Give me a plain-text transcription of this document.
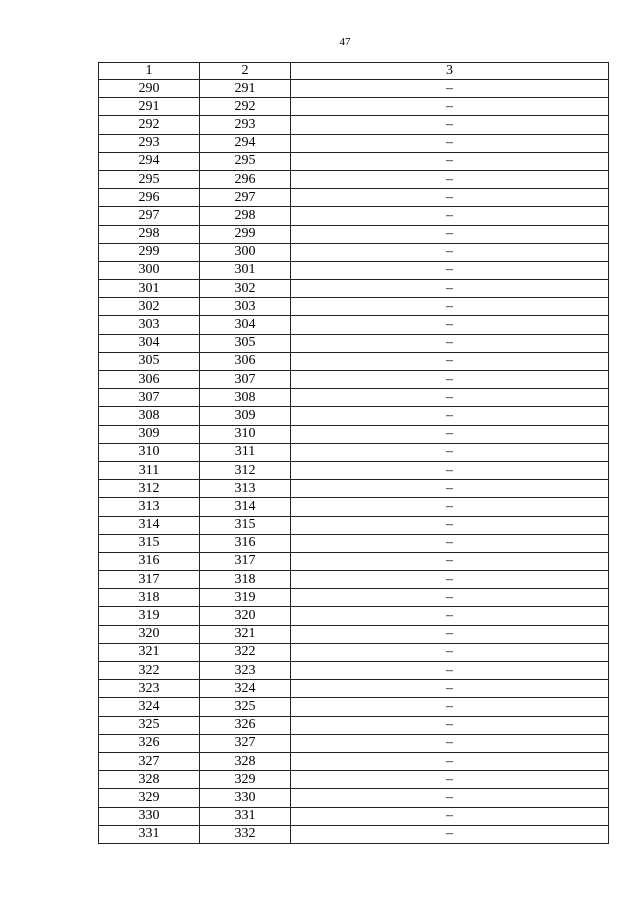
47
1	2	3
290	291	–
291	292	–
292	293	–
293	294	–
294	295	–
295	296	–
296	297	–
297	298	–
298	299	–
299	300	–
300	301	–
301	302	–
302	303	–
303	304	–
304	305	–
305	306	–
306	307	–
307	308	–
308	309	–
309	310	–
310	311	–
311	312	–
312	313	–
313	314	–
314	315	–
315	316	–
316	317	–
317	318	–
318	319	–
319	320	–
320	321	–
321	322	–
322	323	–
323	324	–
324	325	–
325	326	–
326	327	–
327	328	–
328	329	–
329	330	–
330	331	–
331	332	–
